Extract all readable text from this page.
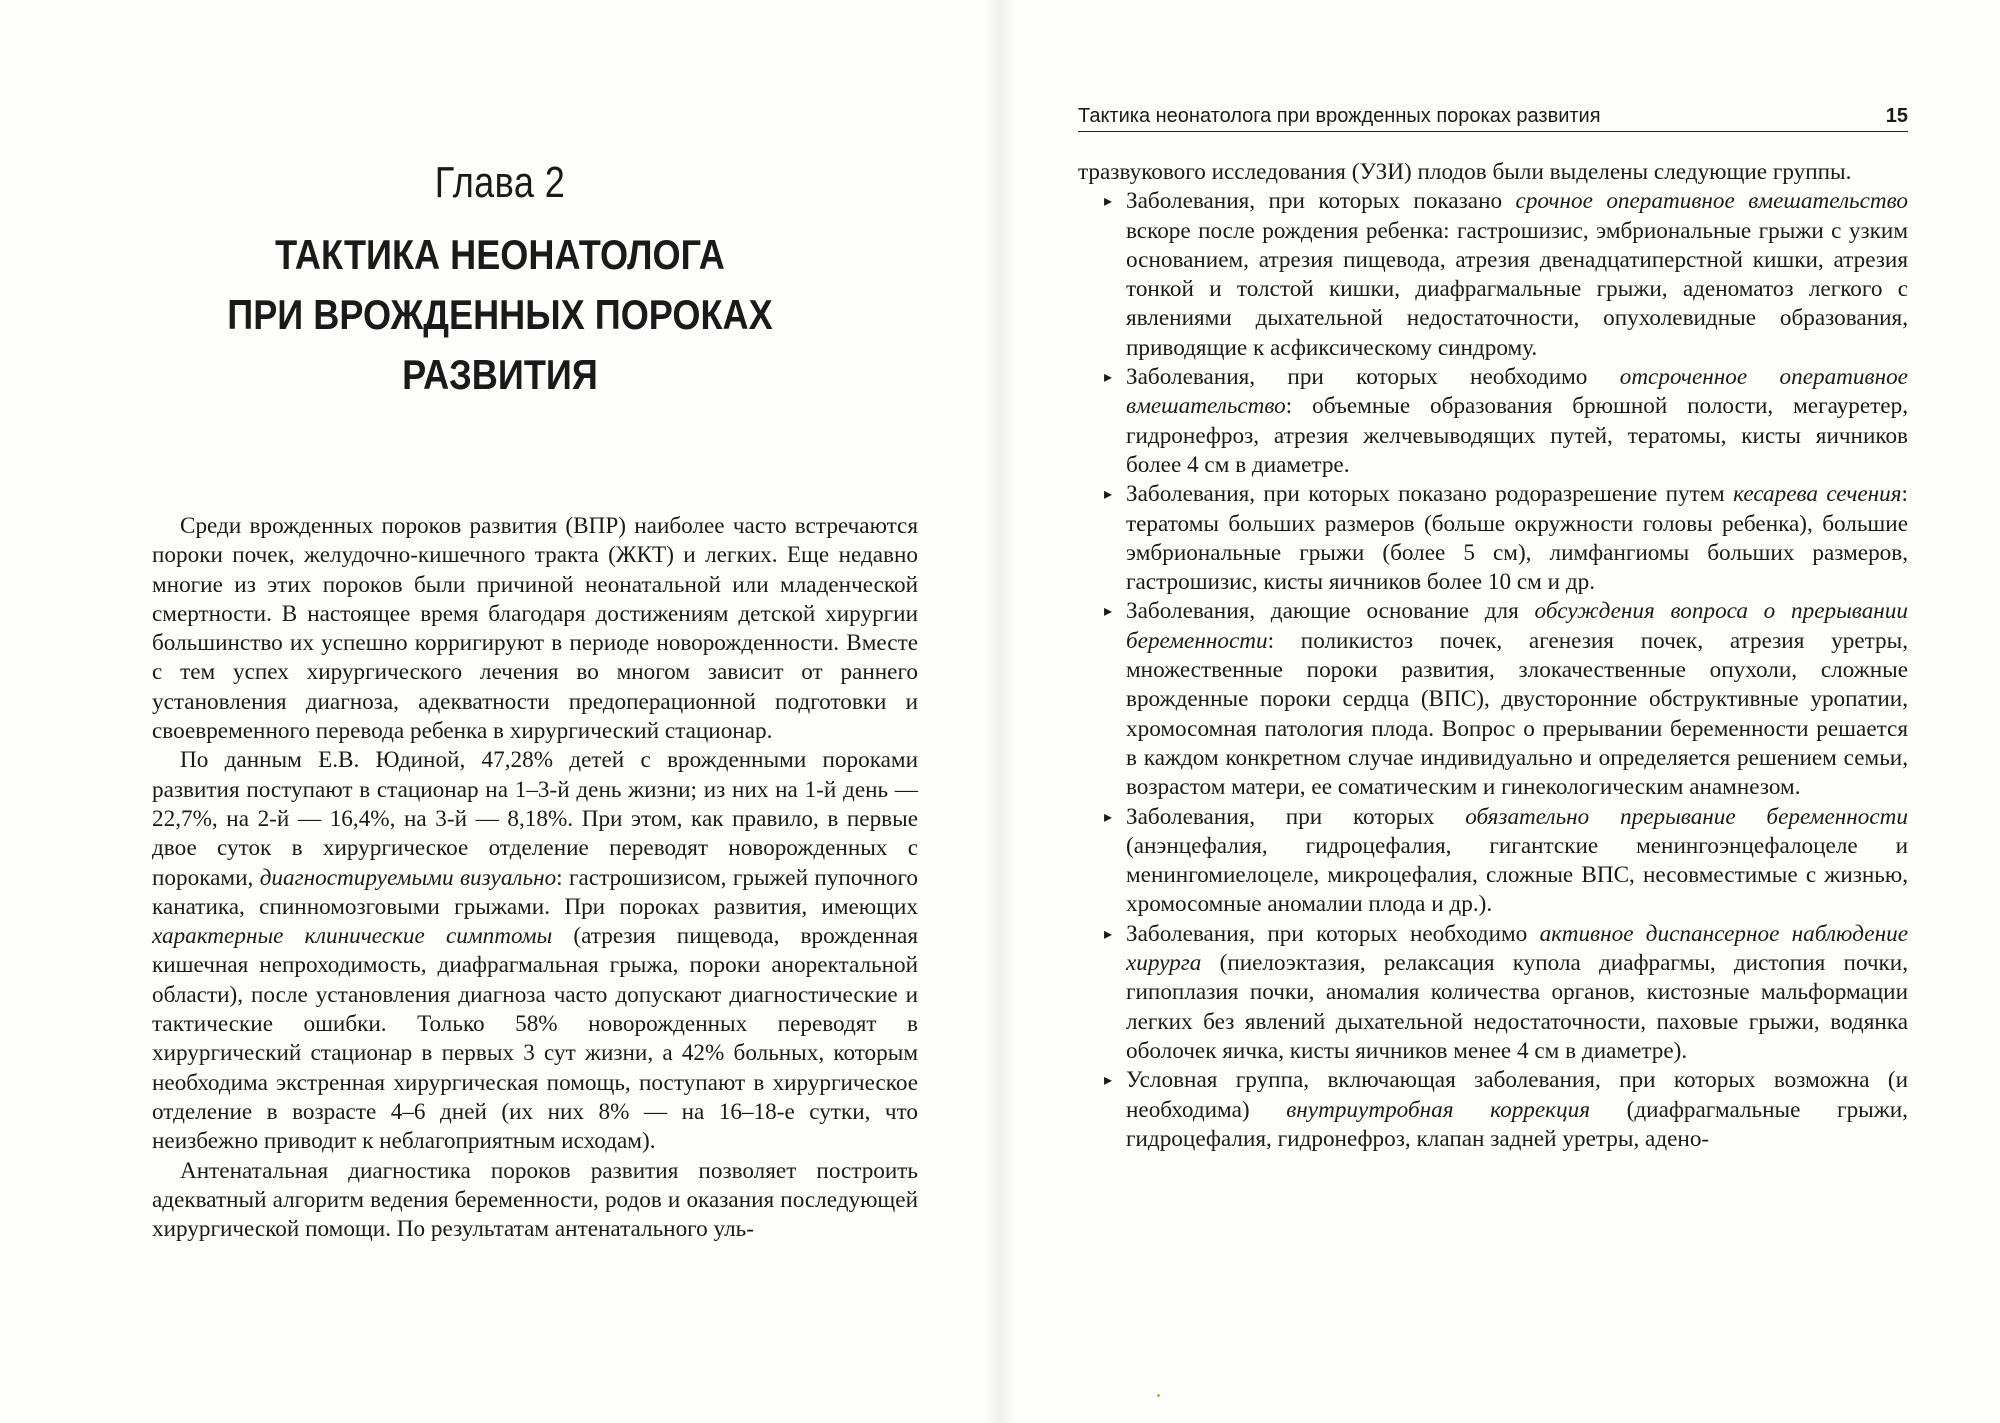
Глава 2
ТАКТИКА НЕОНАТОЛОГА
ПРИ ВРОЖДЕННЫХ ПОРОКАХ
РАЗВИТИЯ

Среди врожденных пороков развития (ВПР) наиболее часто встречаются пороки почек, желудочно-кишечного тракта (ЖКТ) и легких. Еще недавно многие из этих пороков были причиной неонатальной или младенческой смертности. В настоящее время благодаря достижениям детской хирургии большинство их успешно корригируют в периоде новорожденности. Вместе с тем успех хирургического лечения во многом зависит от раннего установления диагноза, адекватности предоперационной подготовки и своевременного перевода ребенка в хирургический стационар.

По данным Е.В. Юдиной, 47,28% детей с врожденными пороками развития поступают в стационар на 1–3-й день жизни; из них на 1-й день — 22,7%, на 2-й — 16,4%, на 3-й — 8,18%. При этом, как правило, в первые двое суток в хирургическое отделение переводят новорожденных с пороками, диагностируемыми визуально: гастрошизисом, грыжей пупочного канатика, спинномозговыми грыжами. При пороках развития, имеющих характерные клинические симптомы (атрезия пищевода, врожденная кишечная непроходимость, диафрагмальная грыжа, пороки аноректальной области), после установления диагноза часто допускают диагностические и тактические ошибки. Только 58% новорожденных переводят в хирургический стационар в первых 3 сут жизни, а 42% больных, которым необходима экстренная хирургическая помощь, поступают в хирургическое отделение в возрасте 4–6 дней (их них 8% — на 16–18-е сутки, что неизбежно приводит к неблагоприятным исходам).

Антенатальная диагностика пороков развития позволяет построить адекватный алгоритм ведения беременности, родов и оказания последующей хирургической помощи. По результатам антенатального уль-

Тактика неонатолога при врожденных пороках развития	15

тразвукового исследования (УЗИ) плодов были выделены следующие группы.

▸ Заболевания, при которых показано срочное оперативное вмешательство вскоре после рождения ребенка: гастрошизис, эмбриональные грыжи с узким основанием, атрезия пищевода, атрезия двенадцатиперстной кишки, атрезия тонкой и толстой кишки, диафрагмальные грыжи, аденоматоз легкого с явлениями дыхательной недостаточности, опухолевидные образования, приводящие к асфиксическому синдрому.
▸ Заболевания, при которых необходимо отсроченное оперативное вмешательство: объемные образования брюшной полости, мегауретер, гидронефроз, атрезия желчевыводящих путей, тератомы, кисты яичников более 4 см в диаметре.
▸ Заболевания, при которых показано родоразрешение путем кесарева сечения: тератомы больших размеров (больше окружности головы ребенка), большие эмбриональные грыжи (более 5 см), лимфангиомы больших размеров, гастрошизис, кисты яичников более 10 см и др.
▸ Заболевания, дающие основание для обсуждения вопроса о прерывании беременности: поликистоз почек, агенезия почек, атрезия уретры, множественные пороки развития, злокачественные опухоли, сложные врожденные пороки сердца (ВПС), двусторонние обструктивные уропатии, хромосомная патология плода. Вопрос о прерывании беременности решается в каждом конкретном случае индивидуально и определяется решением семьи, возрастом матери, ее соматическим и гинекологическим анамнезом.
▸ Заболевания, при которых обязательно прерывание беременности (анэнцефалия, гидроцефалия, гигантские менингоэнцефалоцеле и менингомиелоцеле, микроцефалия, сложные ВПС, несовместимые с жизнью, хромосомные аномалии плода и др.).
▸ Заболевания, при которых необходимо активное диспансерное наблюдение хирурга (пиелоэктазия, релаксация купола диафрагмы, дистопия почки, гипоплазия почки, аномалия количества органов, кистозные мальформации легких без явлений дыхательной недостаточности, паховые грыжи, водянка оболочек яичка, кисты яичников менее 4 см в диаметре).
▸ Условная группа, включающая заболевания, при которых возможна (и необходима) внутриутробная коррекция (диафрагмальные грыжи, гидроцефалия, гидронефроз, клапан задней уретры, адено-
